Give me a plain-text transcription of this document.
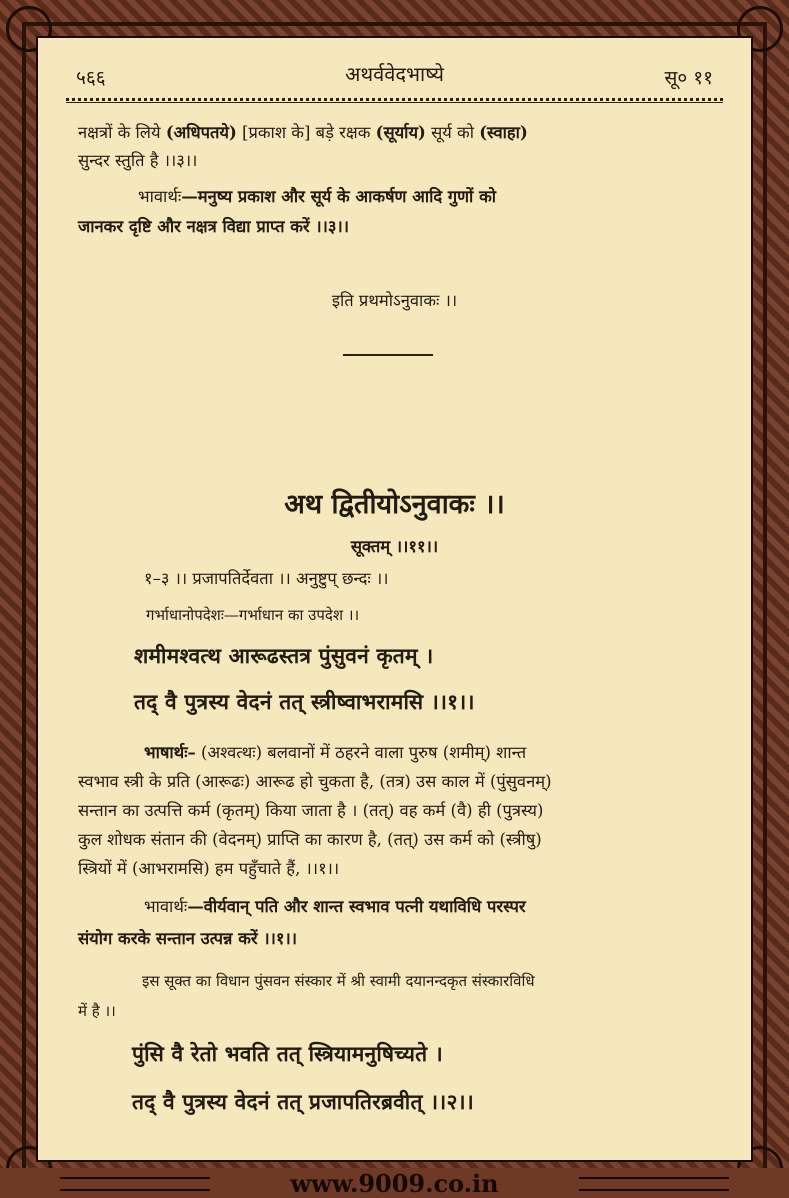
५६६	अथर्ववेदभाष्ये	सू० ११
नक्षत्रों के लिये (अधिपतये) [प्रकाश के] बड़े रक्षक (सूर्याय) सूर्य को (स्वाहा)
सुन्दर स्तुति है ।।३।।
भावार्थः—मनुष्य प्रकाश और सूर्य के आकर्षण आदि गुणों को
जानकर दृष्टि और नक्षत्र विद्या प्राप्त करें ।।३।।
इति प्रथमोऽनुवाकः ।।
अथ द्वितीयोऽनुवाकः ।।
सूक्तम् ।।११।।
१–३ ।। प्रजापतिर्देवता ।। अनुष्टुप् छन्दः ।।
गर्भाधानोपदेशः—गर्भाधान का उपदेश ।।
शमीमश्वत्थ आरूढस्तत्र पुंसुवनं कृतम् ।
तद् वै पुत्रस्य वेदनं तत् स्त्रीष्वाभरामसि ।।१।।
भाषार्थः– (अश्वत्थः) बलवानों में ठहरने वाला पुरुष (शमीम्) शान्त
स्वभाव स्त्री के प्रति (आरूढः) आरूढ हो चुकता है, (तत्र) उस काल में (पुंसुवनम्)
सन्तान का उत्पत्ति कर्म (कृतम्) किया जाता है । (तत्) वह कर्म (वै) ही (पुत्रस्य)
कुल शोधक संतान की (वेदनम्) प्राप्ति का कारण है, (तत्) उस कर्म को (स्त्रीषु)
स्त्रियों में (आभरामसि) हम पहुँचाते हैं, ।।१।।
भावार्थः—वीर्यवान् पति और शान्त स्वभाव पत्नी यथाविधि परस्पर
संयोग करके सन्तान उत्पन्न करें ।।१।।
इस सूक्त का विधान पुंसवन संस्कार में श्री स्वामी दयानन्दकृत संस्कारविधि
में है ।।
पुंसि वै रेतो भवति तत् स्त्रियामनुषिच्यते ।
तद् वै पुत्रस्य वेदनं तत् प्रजापतिरब्रवीत् ।।२।।
www.9009.co.in
